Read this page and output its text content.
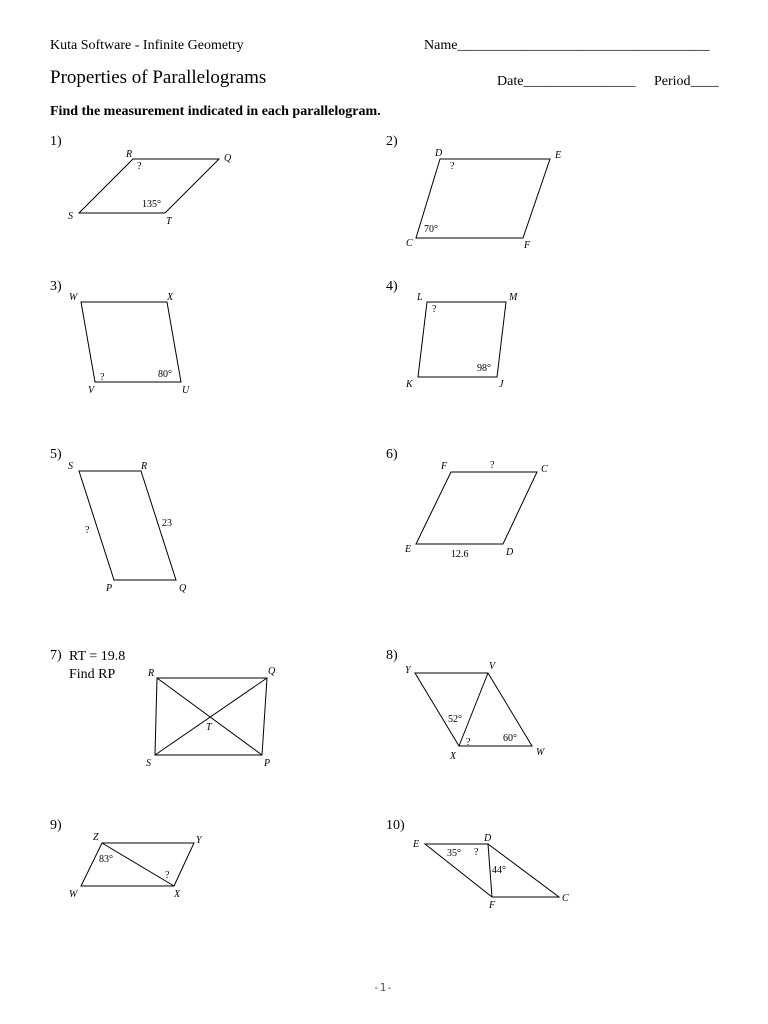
Kuta Software - Infinite Geometry	Name____________________________________
Properties of Parallelograms	Date________________ Period____
Find the measurement indicated in each parallelogram.
1)	2)
3)	4)
5)	6)
7) RT = 19.8
Find RP
8)
9)	10)
R	Q
S	T
?
135°
D	E
C	F
?
70°
W	X
V	U
?	80°
L	M
K	J
?
98°
S	R
P	Q
?
23
F	C
E	D
?
12.6
R	Q
S	P
T
Y	V
X	W
52°
?	60°
Z	Y
W	X
83°
?
E
D
F
C
35° ?
44°
-1-
